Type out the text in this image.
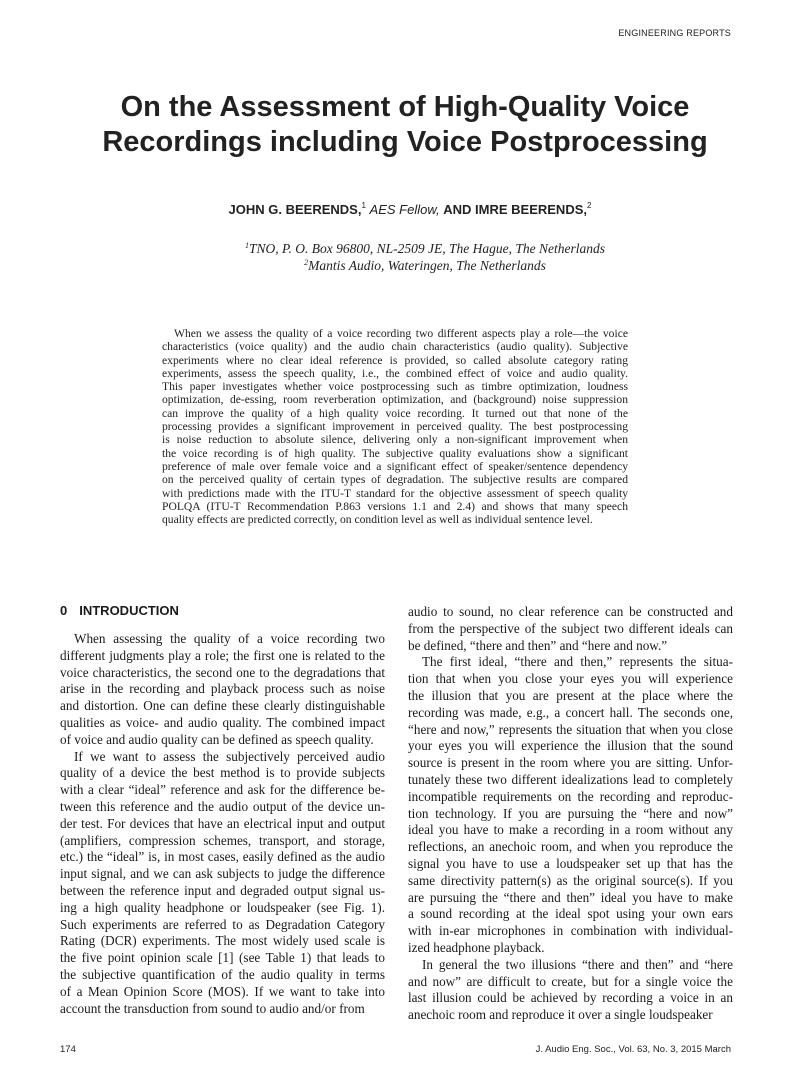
ENGINEERING REPORTS
On the Assessment of High-Quality Voice
Recordings including Voice Postprocessing
JOHN G. BEERENDS,$^1$ AES Fellow, AND IMRE BEERENDS,$^2$
$^1$TNO, P. O. Box 96800, NL-2509 JE, The Hague, The Netherlands
$^2$Mantis Audio, Wateringen, The Netherlands
When we assess the quality of a voice recording two different aspects play a role—the voice
characteristics (voice quality) and the audio chain characteristics (audio quality). Subjective
experiments where no clear ideal reference is provided, so called absolute category rating
experiments, assess the speech quality, i.e., the combined effect of voice and audio quality.
This paper investigates whether voice postprocessing such as timbre optimization, loudness
optimization, de-essing, room reverberation optimization, and (background) noise suppression
can improve the quality of a high quality voice recording. It turned out that none of the
processing provides a significant improvement in perceived quality. The best postprocessing
is noise reduction to absolute silence, delivering only a non-significant improvement when
the voice recording is of high quality. The subjective quality evaluations show a significant
preference of male over female voice and a significant effect of speaker/sentence dependency
on the perceived quality of certain types of degradation. The subjective results are compared
with predictions made with the ITU-T standard for the objective assessment of speech quality
POLQA (ITU-T Recommendation P.863 versions 1.1 and 2.4) and shows that many speech
quality effects are predicted correctly, on condition level as well as individual sentence level.
0 INTRODUCTION
When assessing the quality of a voice recording two
different judgments play a role; the first one is related to the
voice characteristics, the second one to the degradations that
arise in the recording and playback process such as noise
and distortion. One can define these clearly distinguishable
qualities as voice- and audio quality. The combined impact
of voice and audio quality can be defined as speech quality.
If we want to assess the subjectively perceived audio
quality of a device the best method is to provide subjects
with a clear “ideal” reference and ask for the difference be-
tween this reference and the audio output of the device un-
der test. For devices that have an electrical input and output
(amplifiers, compression schemes, transport, and storage,
etc.) the “ideal” is, in most cases, easily defined as the audio
input signal, and we can ask subjects to judge the difference
between the reference input and degraded output signal us-
ing a high quality headphone or loudspeaker (see Fig. 1).
Such experiments are referred to as Degradation Category
Rating (DCR) experiments. The most widely used scale is
the five point opinion scale [1] (see Table 1) that leads to
the subjective quantification of the audio quality in terms
of a Mean Opinion Score (MOS). If we want to take into
account the transduction from sound to audio and/or from
audio to sound, no clear reference can be constructed and
from the perspective of the subject two different ideals can
be defined, “there and then” and “here and now.”
The first ideal, “there and then,” represents the situa-
tion that when you close your eyes you will experience
the illusion that you are present at the place where the
recording was made, e.g., a concert hall. The seconds one,
“here and now,” represents the situation that when you close
your eyes you will experience the illusion that the sound
source is present in the room where you are sitting. Unfor-
tunately these two different idealizations lead to completely
incompatible requirements on the recording and reproduc-
tion technology. If you are pursuing the “here and now”
ideal you have to make a recording in a room without any
reflections, an anechoic room, and when you reproduce the
signal you have to use a loudspeaker set up that has the
same directivity pattern(s) as the original source(s). If you
are pursuing the “there and then” ideal you have to make
a sound recording at the ideal spot using your own ears
with in-ear microphones in combination with individual-
ized headphone playback.
In general the two illusions “there and then” and “here
and now” are difficult to create, but for a single voice the
last illusion could be achieved by recording a voice in an
anechoic room and reproduce it over a single loudspeaker
174	J. Audio Eng. Soc., Vol. 63, No. 3, 2015 March
